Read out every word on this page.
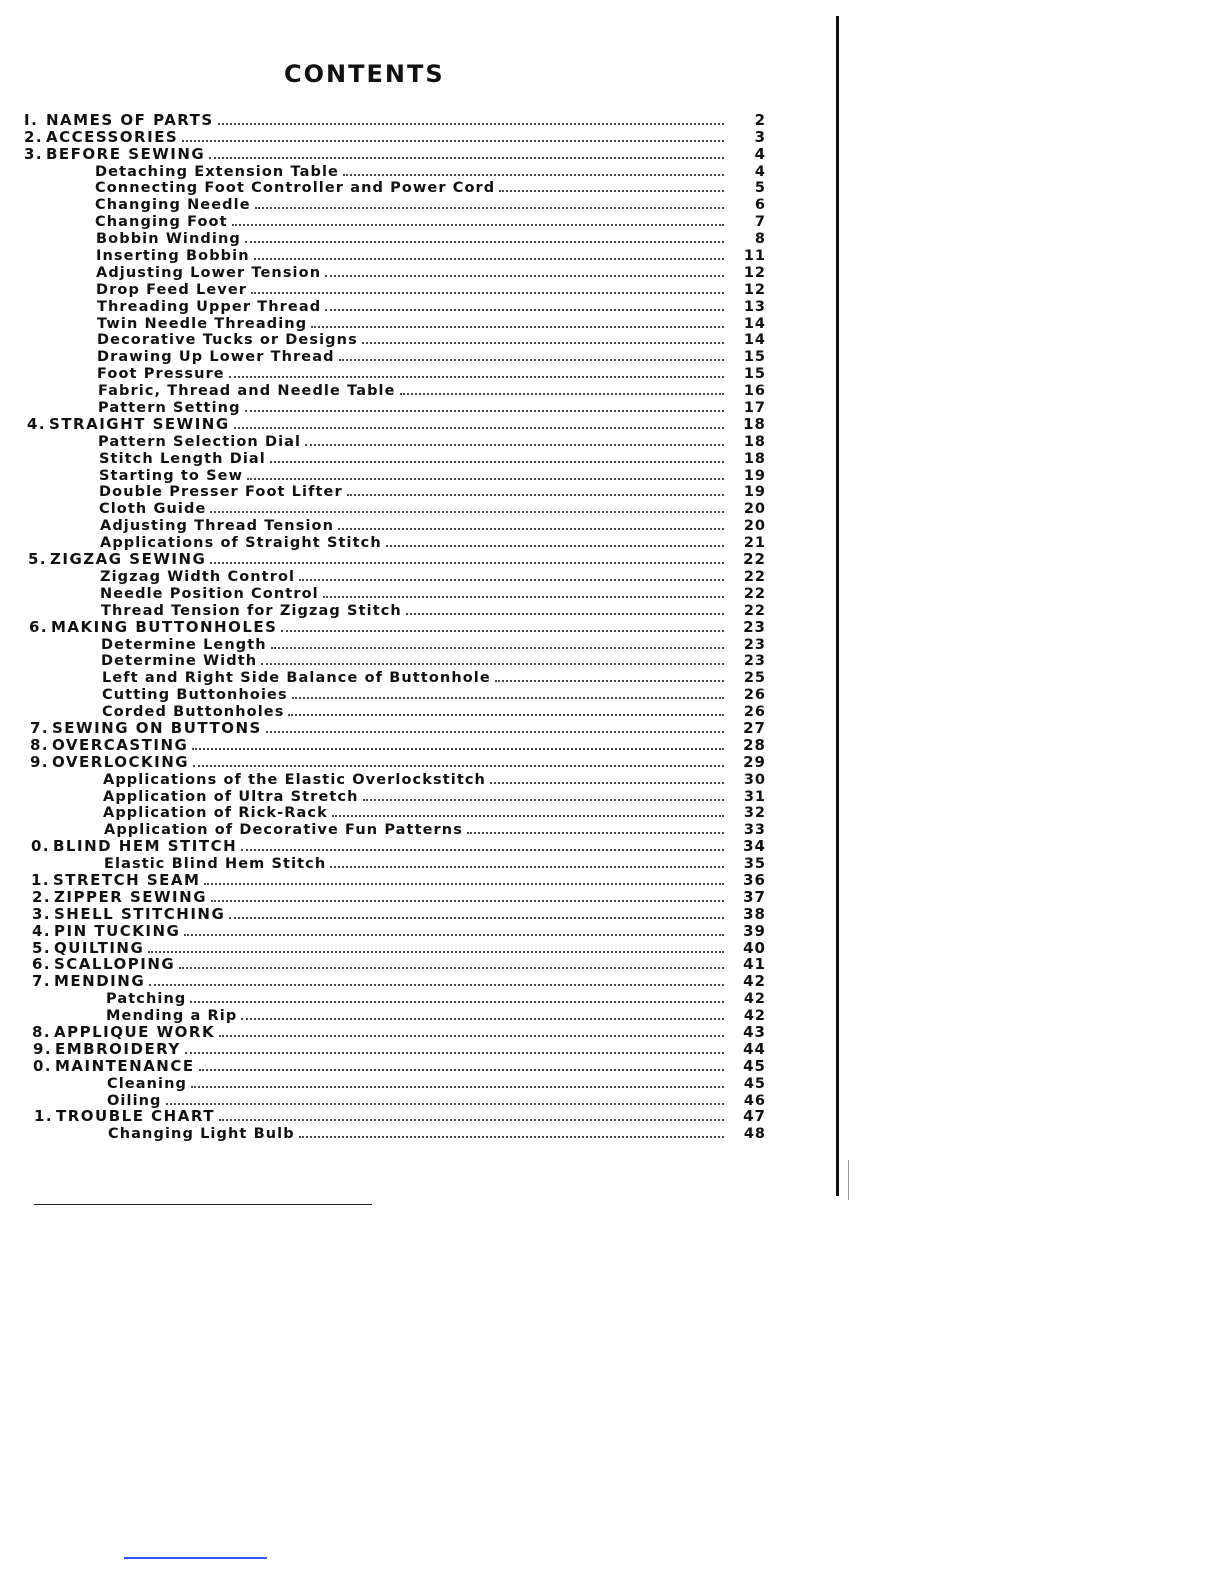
CONTENTS
I. NAMES OF PARTS	2
2. ACCESSORIES	3
3. BEFORE SEWING	4
Detaching Extension Table	4
Connecting Foot Controller and Power Cord	5
Changing Needle	6
Changing Foot	7
Bobbin Winding	8
Inserting Bobbin	11
Adjusting Lower Tension	12
Drop Feed Lever	12
Threading Upper Thread	13
Twin Needle Threading	14
Decorative Tucks or Designs	14
Drawing Up Lower Thread	15
Foot Pressure	15
Fabric, Thread and Needle Table	16
Pattern Setting	17
4. STRAIGHT SEWING	18
Pattern Selection Dial	18
Stitch Length Dial	18
Starting to Sew	19
Double Presser Foot Lifter	19
Cloth Guide	20
Adjusting Thread Tension	20
Applications of Straight Stitch	21
5. ZIGZAG SEWING	22
Zigzag Width Control	22
Needle Position Control	22
Thread Tension for Zigzag Stitch	22
6. MAKING BUTTONHOLES	23
Determine Length	23
Determine Width	23
Left and Right Side Balance of Buttonhole	25
Cutting Buttonhoies	26
Corded Buttonholes	26
7. SEWING ON BUTTONS	27
8. OVERCASTING	28
9. OVERLOCKING	29
Applications of the Elastic Overlockstitch	30
Application of Ultra Stretch	31
Application of Rick-Rack	32
Application of Decorative Fun Patterns	33
0. BLIND HEM STITCH	34
Elastic Blind Hem Stitch	35
1. STRETCH SEAM	36
2. ZIPPER SEWING	37
3. SHELL STITCHING	38
4. PIN TUCKING	39
5. QUILTING	40
6. SCALLOPING	41
7. MENDING	42
Patching	42
Mending a Rip	42
8. APPLIQUE WORK	43
9. EMBROIDERY	44
0. MAINTENANCE	45
Cleaning	45
Oiling	46
1. TROUBLE CHART	47
Changing Light Bulb	48
